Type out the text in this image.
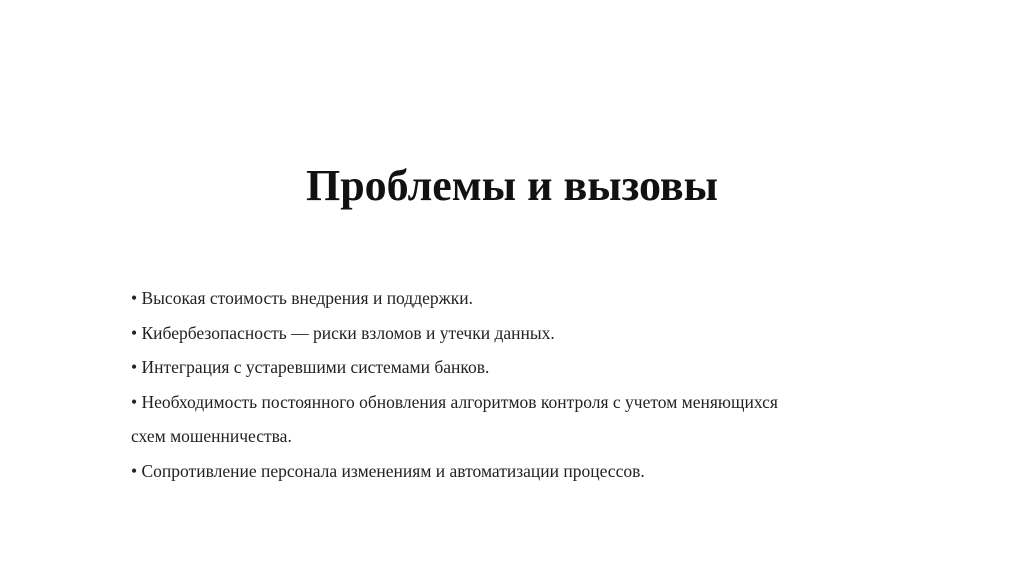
Проблемы и вызовы
• Высокая стоимость внедрения и поддержки.
• Кибербезопасность — риски взломов и утечки данных.
• Интеграция с устаревшими системами банков.
• Необходимость постоянного обновления алгоритмов контроля с учетом меняющихся
схем мошенничества.
• Сопротивление персонала изменениям и автоматизации процессов.
